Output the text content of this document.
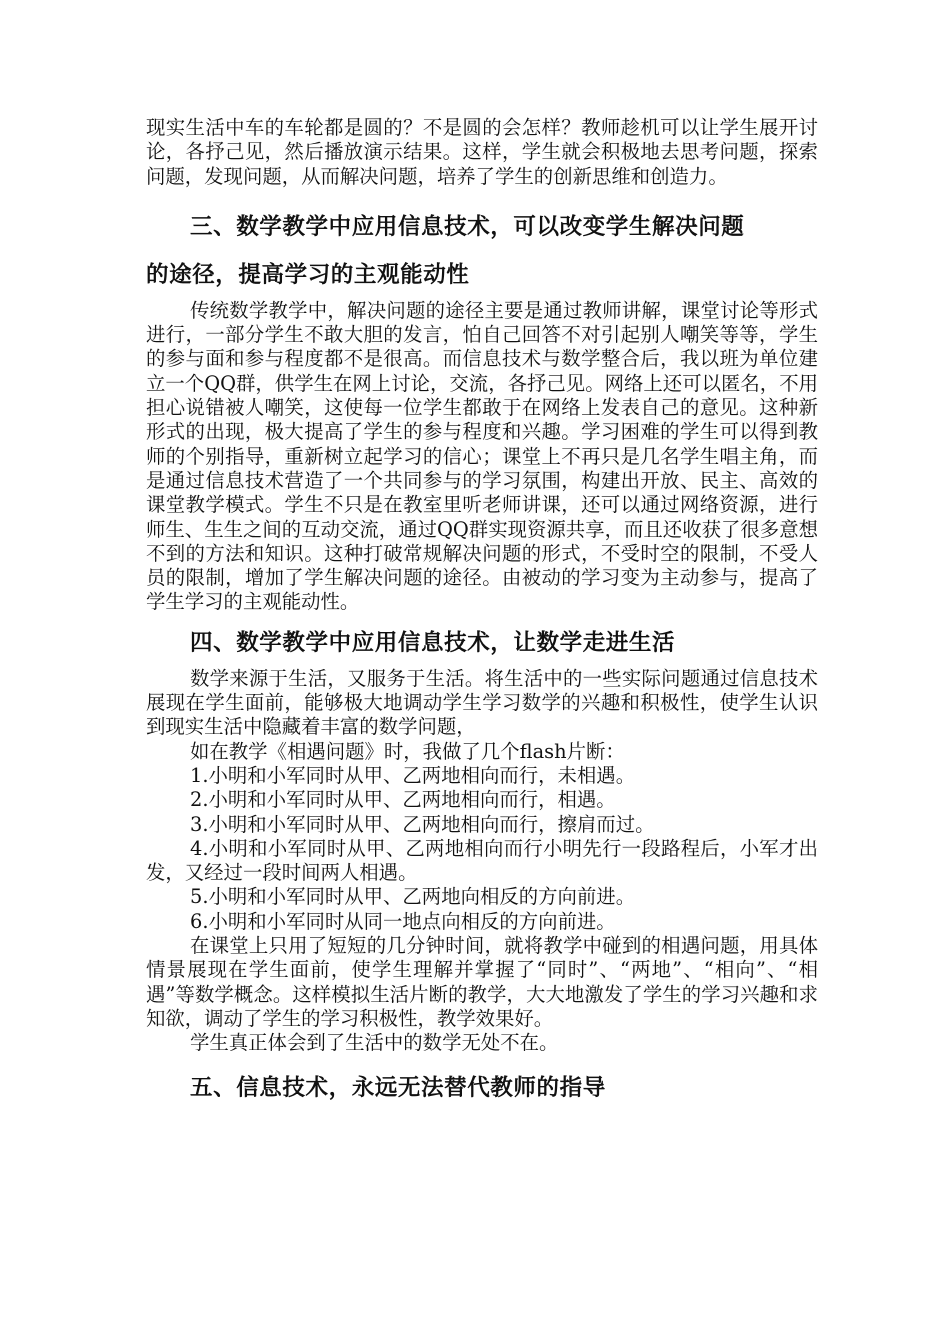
现实生活中车的车轮都是圆的？不是圆的会怎样？教师趁机可以让学生展开讨论，各抒己见，然后播放演示结果。这样，学生就会积极地去思考问题，探索问题，发现问题，从而解决问题，培养了学生的创新思维和创造力。

三、数学教学中应用信息技术，可以改变学生解决问题
的途径，提高学习的主观能动性

传统数学教学中，解决问题的途径主要是通过教师讲解，课堂讨论等形式进行，一部分学生不敢大胆的发言，怕自己回答不对引起别人嘲笑等等，学生的参与面和参与程度都不是很高。而信息技术与数学整合后，我以班为单位建立一个QQ群，供学生在网上讨论，交流，各抒己见。网络上还可以匿名，不用担心说错被人嘲笑，这使每一位学生都敢于在网络上发表自己的意见。这种新形式的出现，极大提高了学生的参与程度和兴趣。学习困难的学生可以得到教师的个别指导，重新树立起学习的信心；课堂上不再只是几名学生唱主角，而是通过信息技术营造了一个共同参与的学习氛围，构建出开放、民主、高效的课堂教学模式。学生不只是在教室里听老师讲课，还可以通过网络资源，进行师生、生生之间的互动交流，通过QQ群实现资源共享，而且还收获了很多意想不到的方法和知识。这种打破常规解决问题的形式，不受时空的限制，不受人员的限制，增加了学生解决问题的途径。由被动的学习变为主动参与，提高了学生学习的主观能动性。

四、数学教学中应用信息技术，让数学走进生活

数学来源于生活，又服务于生活。将生活中的一些实际问题通过信息技术展现在学生面前，能够极大地调动学生学习数学的兴趣和积极性，使学生认识到现实生活中隐藏着丰富的数学问题，

如在教学《相遇问题》时，我做了几个flash片断：

1.小明和小军同时从甲、乙两地相向而行，未相遇。

2.小明和小军同时从甲、乙两地相向而行，相遇。

3.小明和小军同时从甲、乙两地相向而行，擦肩而过。

4.小明和小军同时从甲、乙两地相向而行小明先行一段路程后，小军才出发，又经过一段时间两人相遇。

5.小明和小军同时从甲、乙两地向相反的方向前进。

6.小明和小军同时从同一地点向相反的方向前进。

在课堂上只用了短短的几分钟时间，就将教学中碰到的相遇问题，用具体情景展现在学生面前，使学生理解并掌握了“同时”、“两地”、“相向”、“相遇”等数学概念。这样模拟生活片断的教学，大大地激发了学生的学习兴趣和求知欲，调动了学生的学习积极性，教学效果好。

学生真正体会到了生活中的数学无处不在。

五、信息技术，永远无法替代教师的指导
